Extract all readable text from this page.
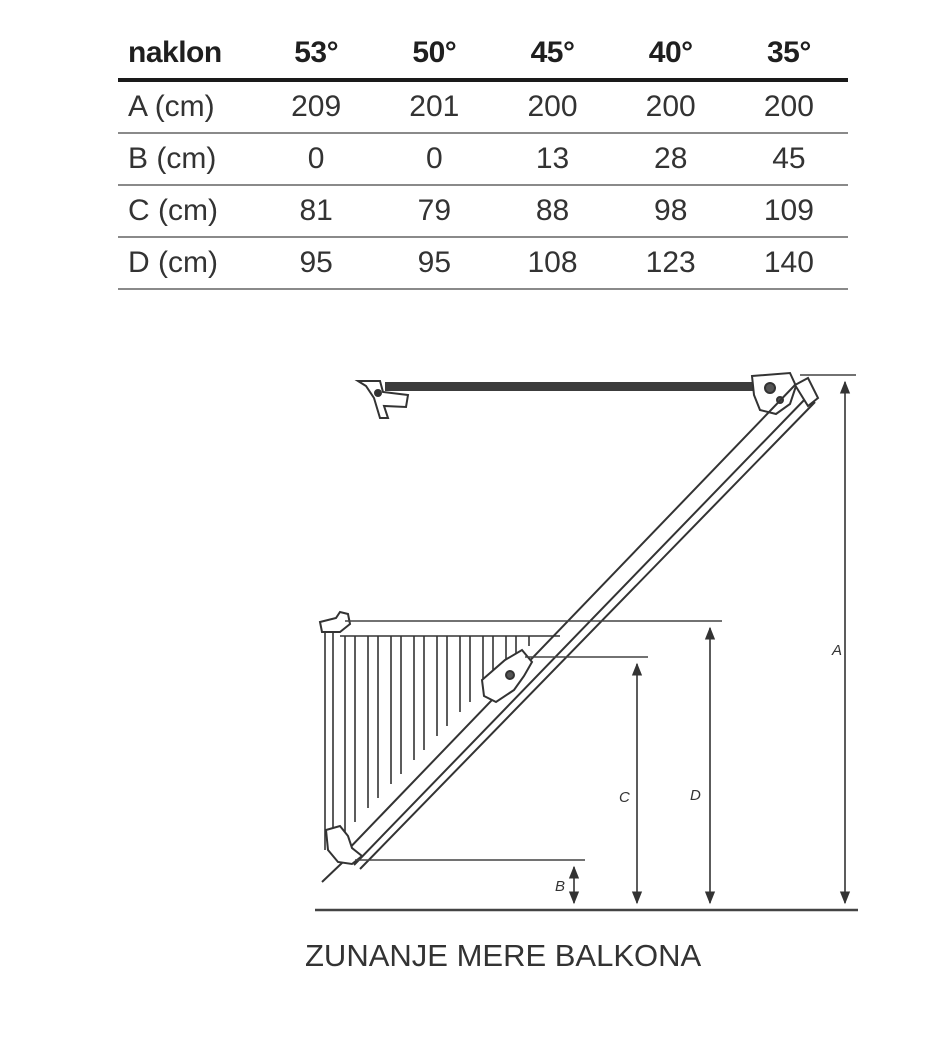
naklon	53°	50°	45°	40°	35°
A (cm)	209	201	200	200	200
B (cm)	0	0	13	28	45
C (cm)	81	79	88	98	109
D (cm)	95	95	108	123	140
A
D
C
B
ZUNANJE MERE BALKONA
